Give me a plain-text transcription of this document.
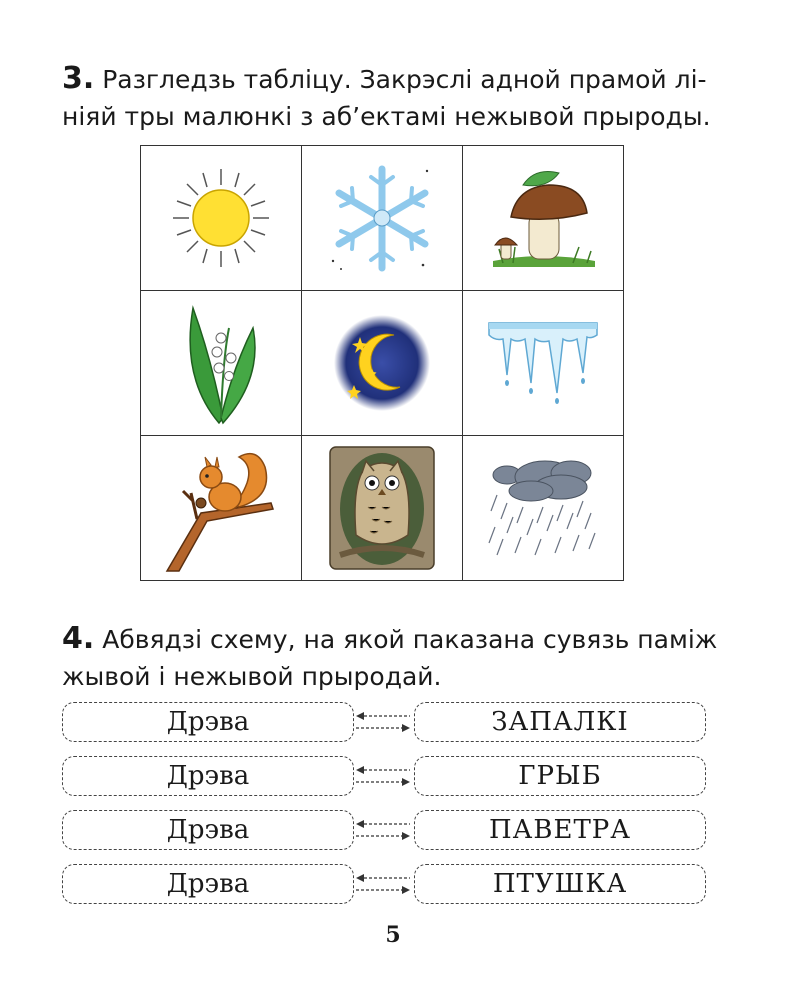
3. Разгледзь табліцу. Закрэслі адной прамой лі-ніяй тры малюнкі з аб’ектамі нежывой прыроды.

4. Абвядзі схему, на якой паказана сувязь паміж жывой і нежывой прыродай.
Дрэва	ЗАПАЛКІ
Дрэва	ГРЫБ
Дрэва	ПАВЕТРА
Дрэва	ПТУШКА
5
